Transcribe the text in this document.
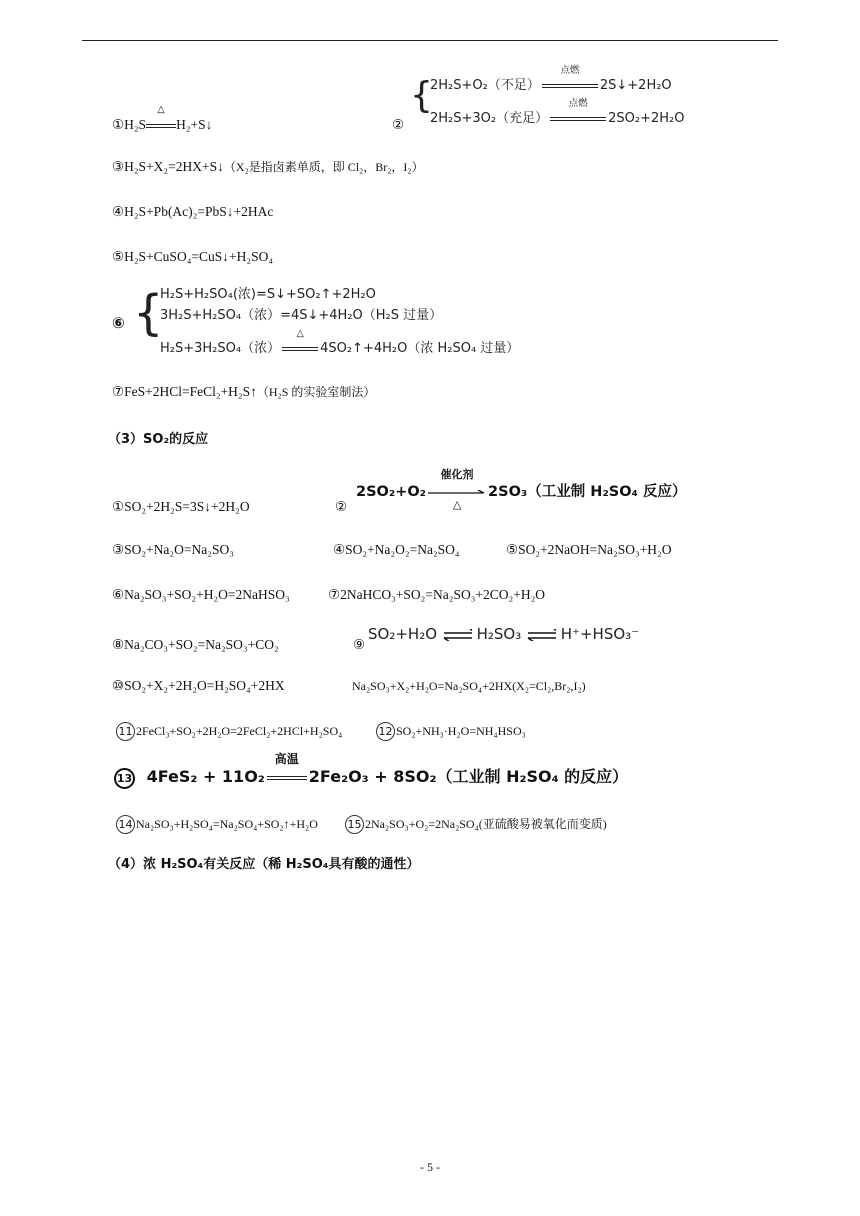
①H₂S
△
H₂+S↓	②
{
2H₂S+O₂（不足）
点燃
2S↓+2H₂O
2H₂S+3O₂（充足）
点燃
2SO₂+2H₂O
③H₂S+X₂=2HX+S↓（X₂是指卤素单质，即 Cl₂，Br₂，I₂）
④H₂S+Pb(Ac)₂=PbS↓+2HAc
⑤H₂S+CuSO₄=CuS↓+H₂SO₄
⑥ {
H₂S+H₂SO₄(浓)=S↓+SO₂↑+2H₂O
3H₂S+H₂SO₄（浓）=4S↓+4H₂O（H₂S 过量）
H₂S+3H₂SO₄（浓）
△
4SO₂↑+4H₂O（浓 H₂SO₄ 过量）
⑦FeS+2HCl=FeCl₂+H₂S↑（H₂S 的实验室制法）
（3）SO₂的反应
①SO₂+2H₂S=3S↓+2H₂O	②
2SO₂+O₂
催化剂
△
2SO₃（工业制 H₂SO₄ 反应）
③SO₂+Na₂O=Na₂SO₃	④SO₂+Na₂O₂=Na₂SO₄	⑤SO₂+2NaOH=Na₂SO₃+H₂O
⑥Na₂SO₃+SO₂+H₂O=2NaHSO₃	⑦2NaHCO₃+SO₂=Na₂SO₃+2CO₂+H₂O
⑧Na₂CO₃+SO₂=Na₂SO₃+CO₂	⑨
SO₂+H₂O ⇌ H₂SO₃ ⇌ H⁺+HSO₃⁻
⑩SO₂+X₂+2H₂O=H₂SO₄+2HX	Na₂SO₃+X₂+H₂O=Na₂SO₄+2HX(X₂=Cl₂,Br₂,I₂)
11 2FeCl₃+SO₂+2H₂O=2FeCl₂+2HCl+H₂SO₄	12 SO₂+NH₃·H₂O=NH₄HSO₃
13 4FeS₂ + 11O₂
高温
2Fe₂O₃ + 8SO₂（工业制 H₂SO₄ 的反应）
14 Na₂SO₃+H₂SO₄=Na₂SO₄+SO₂↑+H₂O	15 2Na₂SO₃+O₂=2Na₂SO₄(亚硫酸易被氧化而变质)
（4）浓 H₂SO₄有关反应（稀 H₂SO₄具有酸的通性）
- 5 -
